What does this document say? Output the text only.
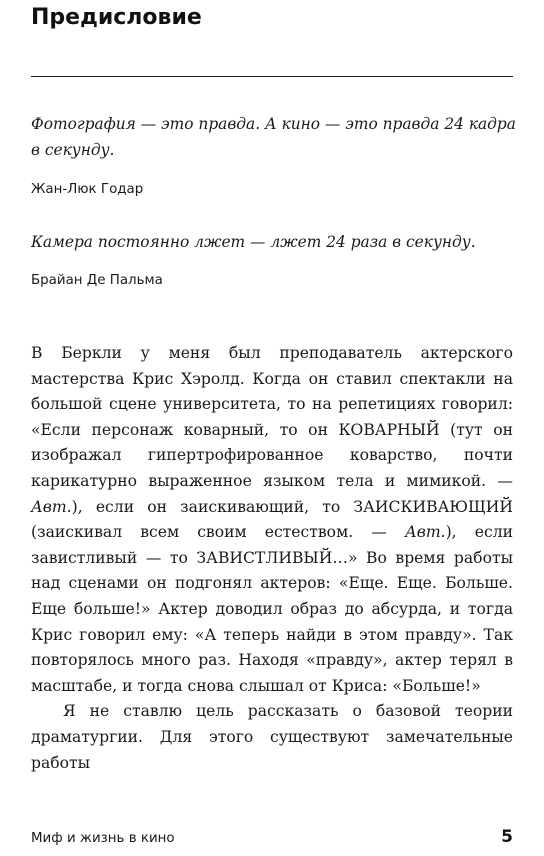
Предисловие

Фотография — это правда. А кино — это правда 24 кадра в секунду.

Жан-Люк Годар

Камера постоянно лжет — лжет 24 раза в секунду.

Брайан Де Пальма

В Беркли у меня был преподаватель актерского мастерства Крис Хэролд. Когда он ставил спектакли на большой сцене университета, то на репетициях говорил: «Если персонаж коварный, то он КОВАРНЫЙ (тут он изображал гипертрофированное коварство, почти карикатурно выраженное языком тела и мимикой. — Авт.), если он заискивающий, то ЗАИСКИВАЮЩИЙ (заискивал всем своим естеством. — Авт.), если завистливый — то ЗАВИСТЛИВЫЙ…» Во время работы над сценами он подгонял актеров: «Еще. Еще. Больше. Еще больше!» Актер доводил образ до абсурда, и тогда Крис говорил ему: «А теперь найди в этом правду». Так повторялось много раз. Находя «правду», актер терял в масштабе, и тогда снова слышал от Криса: «Больше!»

Я не ставлю цель рассказать о базовой теории драматургии. Для этого существуют замечательные работы

Миф и жизнь в кино	5
